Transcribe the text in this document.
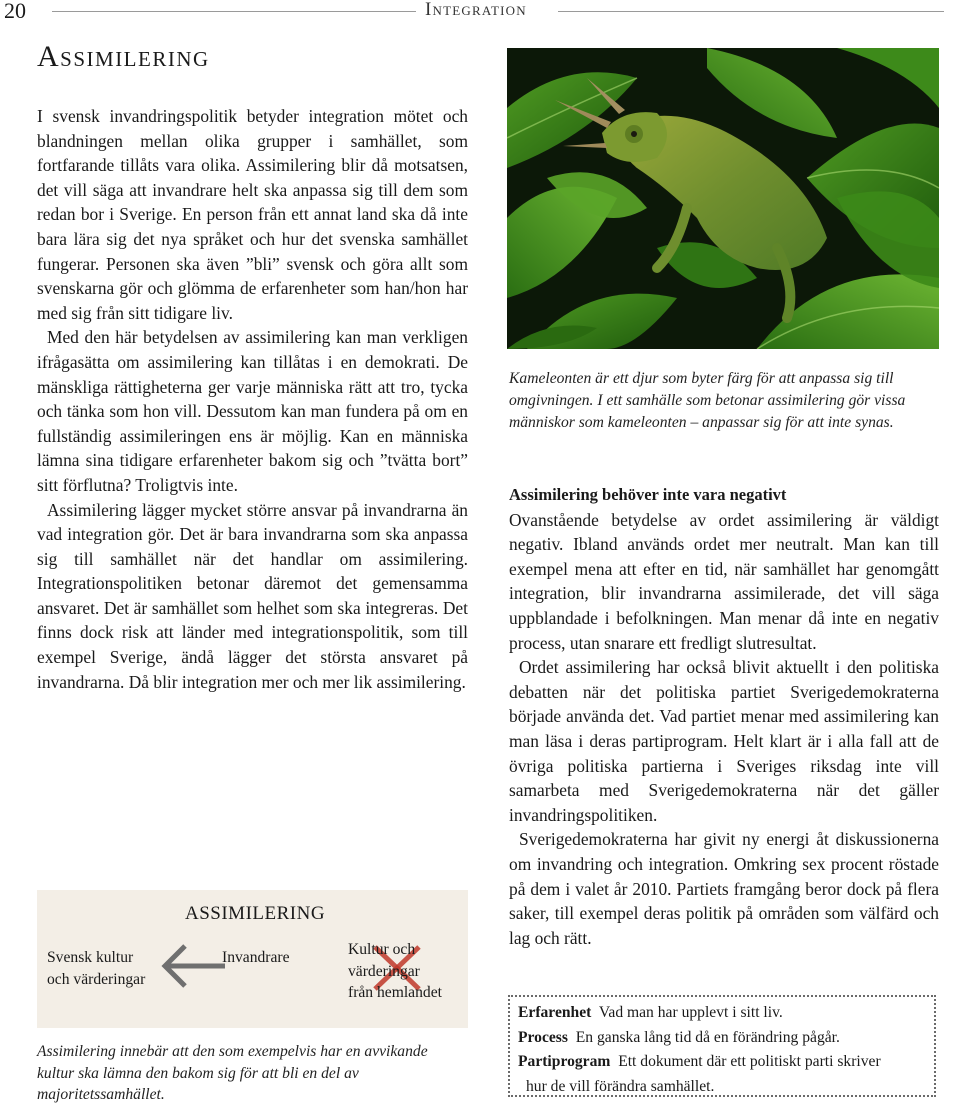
20	Integration
Assimilering

I svensk invandringspolitik betyder integration mötet och blandningen mellan olika grupper i samhället, som fortfarande tillåts vara olika. Assimilering blir då motsatsen, det vill säga att invandrare helt ska anpassa sig till dem som redan bor i Sverige. En person från ett annat land ska då inte bara lära sig det nya språket och hur det svenska samhället fungerar. Personen ska även ”bli” svensk och göra allt som svenskarna gör och glömma de erfarenheter som han/hon har med sig från sitt tidigare liv.

Med den här betydelsen av assimilering kan man verkligen ifrågasätta om assimilering kan tillåtas i en demokrati. De mänskliga rättigheterna ger varje människa rätt att tro, tycka och tänka som hon vill. Dessutom kan man fundera på om en fullständig assimileringen ens är möjlig. Kan en människa lämna sina tidigare erfarenheter bakom sig och ”tvätta bort” sitt förflutna? Troligtvis inte.

Assimilering lägger mycket större ansvar på invandrarna än vad integration gör. Det är bara invandrarna som ska anpassa sig till samhället när det handlar om assimilering. Integrationspolitiken betonar däremot det gemensamma ansvaret. Det är samhället som helhet som ska integreras. Det finns dock risk att länder med integrationspolitik, som till exempel Sverige, ändå lägger det största ansvaret på invandrarna. Då blir integration mer och mer lik assimilering.

Kameleonten är ett djur som byter färg för att anpassa sig till omgivningen. I ett samhälle som betonar assimilering gör vissa människor som kameleonten – anpassar sig för att inte synas.
Assimilering behöver inte vara negativt

Ovanstående betydelse av ordet assimilering är väldigt negativ. Ibland används ordet mer neutralt. Man kan till exempel mena att efter en tid, när samhället har genomgått integration, blir invandrarna assimilerade, det vill säga uppblandade i befolkningen. Man menar då inte en negativ process, utan snarare ett fredligt slutresultat.

Ordet assimilering har också blivit aktuellt i den politiska debatten när det politiska partiet Sverigedemokraterna började använda det. Vad partiet menar med assimilering kan man läsa i deras partiprogram. Helt klart är i alla fall att de övriga politiska partierna i Sveriges riksdag inte vill samarbeta med Sverigedemokraterna när det gäller invandringspolitiken.

Sverigedemokraterna har givit ny energi åt diskussionerna om invandring och integration. Omkring sex procent röstade på dem i valet år 2010. Partiets framgång beror dock på flera saker, till exempel deras politik på områden som välfärd och lag och rätt.

ASSIMILERING
Svensk kultur
och värderingar
Invandrare	Kultur och
värderingar
från hemlandet
Assimilering innebär att den som exempelvis har en avvikande kultur ska lämna den bakom sig för att bli en del av majoritetssamhället.
Erfarenhet Vad man har upplevt i sitt liv.
Process En ganska lång tid då en förändring pågår.
Partiprogram Ett dokument där ett politiskt parti skriver
hur de vill förändra samhället.
